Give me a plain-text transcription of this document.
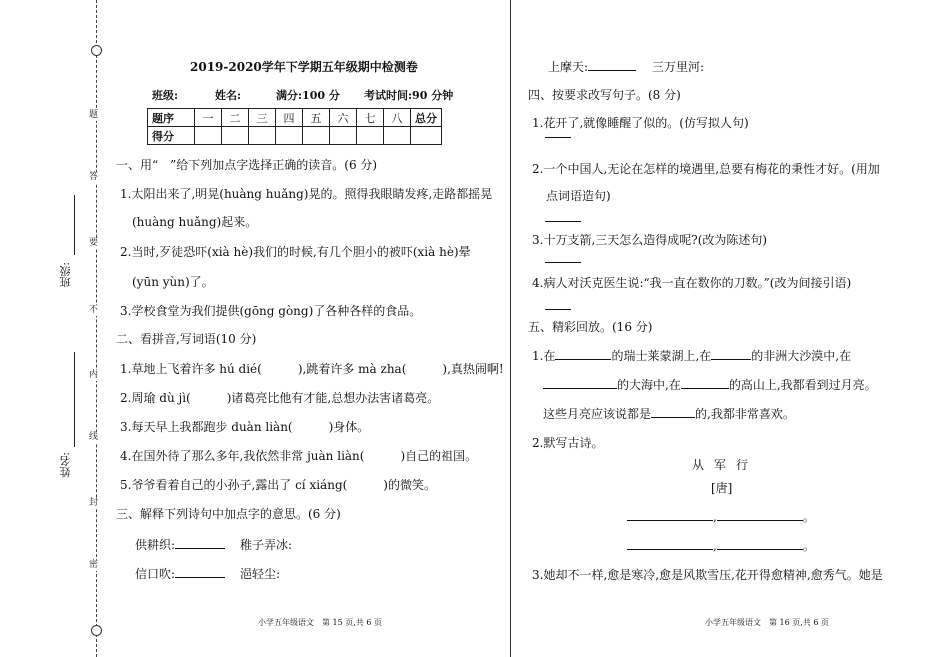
题
答
要
不
内
线
封
密
班级:
姓名:
2019-2020学年下学期五年级期中检测卷
班级:	姓名:	满分:100 分 考试时间:90 分钟
题序	一	二	三	四	五	六	七	八	总分
得分									
一、用“　”给下列加点字选择正确的读音。(6 分)
1.太阳出来了,明晃(huàng huǎng)晃的。照得我眼睛发疼,走路都摇晃
(huàng huǎng)起来。
2.当时,歹徒恐吓(xià hè)我们的时候,有几个胆小的被吓(xià hè)晕
(yūn yùn)了。
3.学校食堂为我们提供(gōng gòng)了各种各样的食品。
二、看拼音,写词语(10 分)
1.草地上飞着许多 hú dié(　　　),跳着许多 mà zha(　　　),真热闹啊!
2.周瑜 dù jì(　　　)诸葛亮比他有才能,总想办法害诸葛亮。
3.每天早上我都跑步 duàn liàn(　　　)身体。
4.在国外待了那么多年,我依然非常 juàn liàn(　　　)自己的祖国。
5.爷爷看着自己的小孙子,露出了 cí xiáng(　　　)的微笑。
三、解释下列诗句中加点字的意思。(6 分)
供耕织:	稚子弄冰:
信口吹:	浥轻尘:
小学五年级语文　第 15 页,共 6 页
上摩天:	三万里河:
四、按要求改写句子。(8 分)
1.花开了,就像睡醒了似的。(仿写拟人句)
2.一个中国人,无论在怎样的境遇里,总要有梅花的秉性才好。(用加
点词语造句)
3.十万支箭,三天怎么造得成呢?(改为陈述句)
4.病人对沃克医生说:“我一直在数你的刀数。”(改为间接引语)
五、精彩回放。(16 分)
1.在	的瑞士莱蒙湖上,在	的非洲大沙漠中,在
的大海中,在	的高山上,我都看到过月亮。
这些月亮应该说都是	的,我都非常喜欢。
2.默写古诗。
从军行
[唐]
,	。
,	。
3.她却不一样,愈是寒冷,愈是风欺雪压,花开得愈精神,愈秀气。她是
小学五年级语文　第 16 页,共 6 页
